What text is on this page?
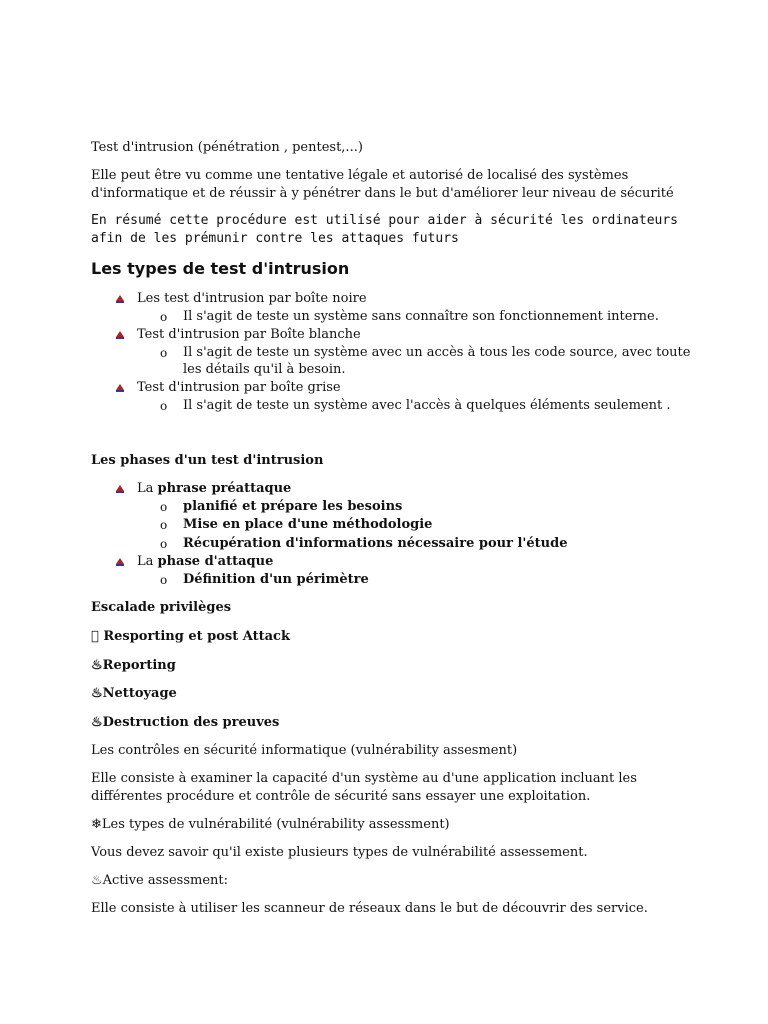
Test d'intrusion (pénétration , pentest,...)
Elle peut être vu comme une tentative légale et autorisé de localisé des systèmes
d'informatique et de réussir à y pénétrer dans le but d'améliorer leur niveau de sécurité
En résumé cette procédure est utilisé pour aider à sécurité les ordinateurs
afin de les prémunir contre les attaques futurs
Les types de test d'intrusion
Les test d'intrusion par boîte noire
o	Il s'agit de teste un système sans connaître son fonctionnement interne.
Test d'intrusion par Boîte blanche
o	Il s'agit de teste un système avec un accès à tous les code source, avec toute
les détails qu'il à besoin.
Test d'intrusion par boîte grise
o	Il s'agit de teste un système avec l'accès à quelques éléments seulement .
Les phases d'un test d'intrusion
La phrase préattaque
o	planifié et prépare les besoins
o	Mise en place d'une méthodologie
o	Récupération d'informations nécessaire pour l'étude
La phase d'attaque
o	Définition d'un périmètre
Escalade privilèges
Resporting et post Attack
♨Reporting
♨Nettoyage
♨Destruction des preuves
Les contrôles en sécurité informatique (vulnérability assesment)
Elle consiste à examiner la capacité d'un système au d'une application incluant les
différentes procédure et contrôle de sécurité sans essayer une exploitation.
❄Les types de vulnérabilité (vulnérability assessment)
Vous devez savoir qu'il existe plusieurs types de vulnérabilité assessement.
♨Active assessment:
Elle consiste à utiliser les scanneur de réseaux dans le but de découvrir des service.
